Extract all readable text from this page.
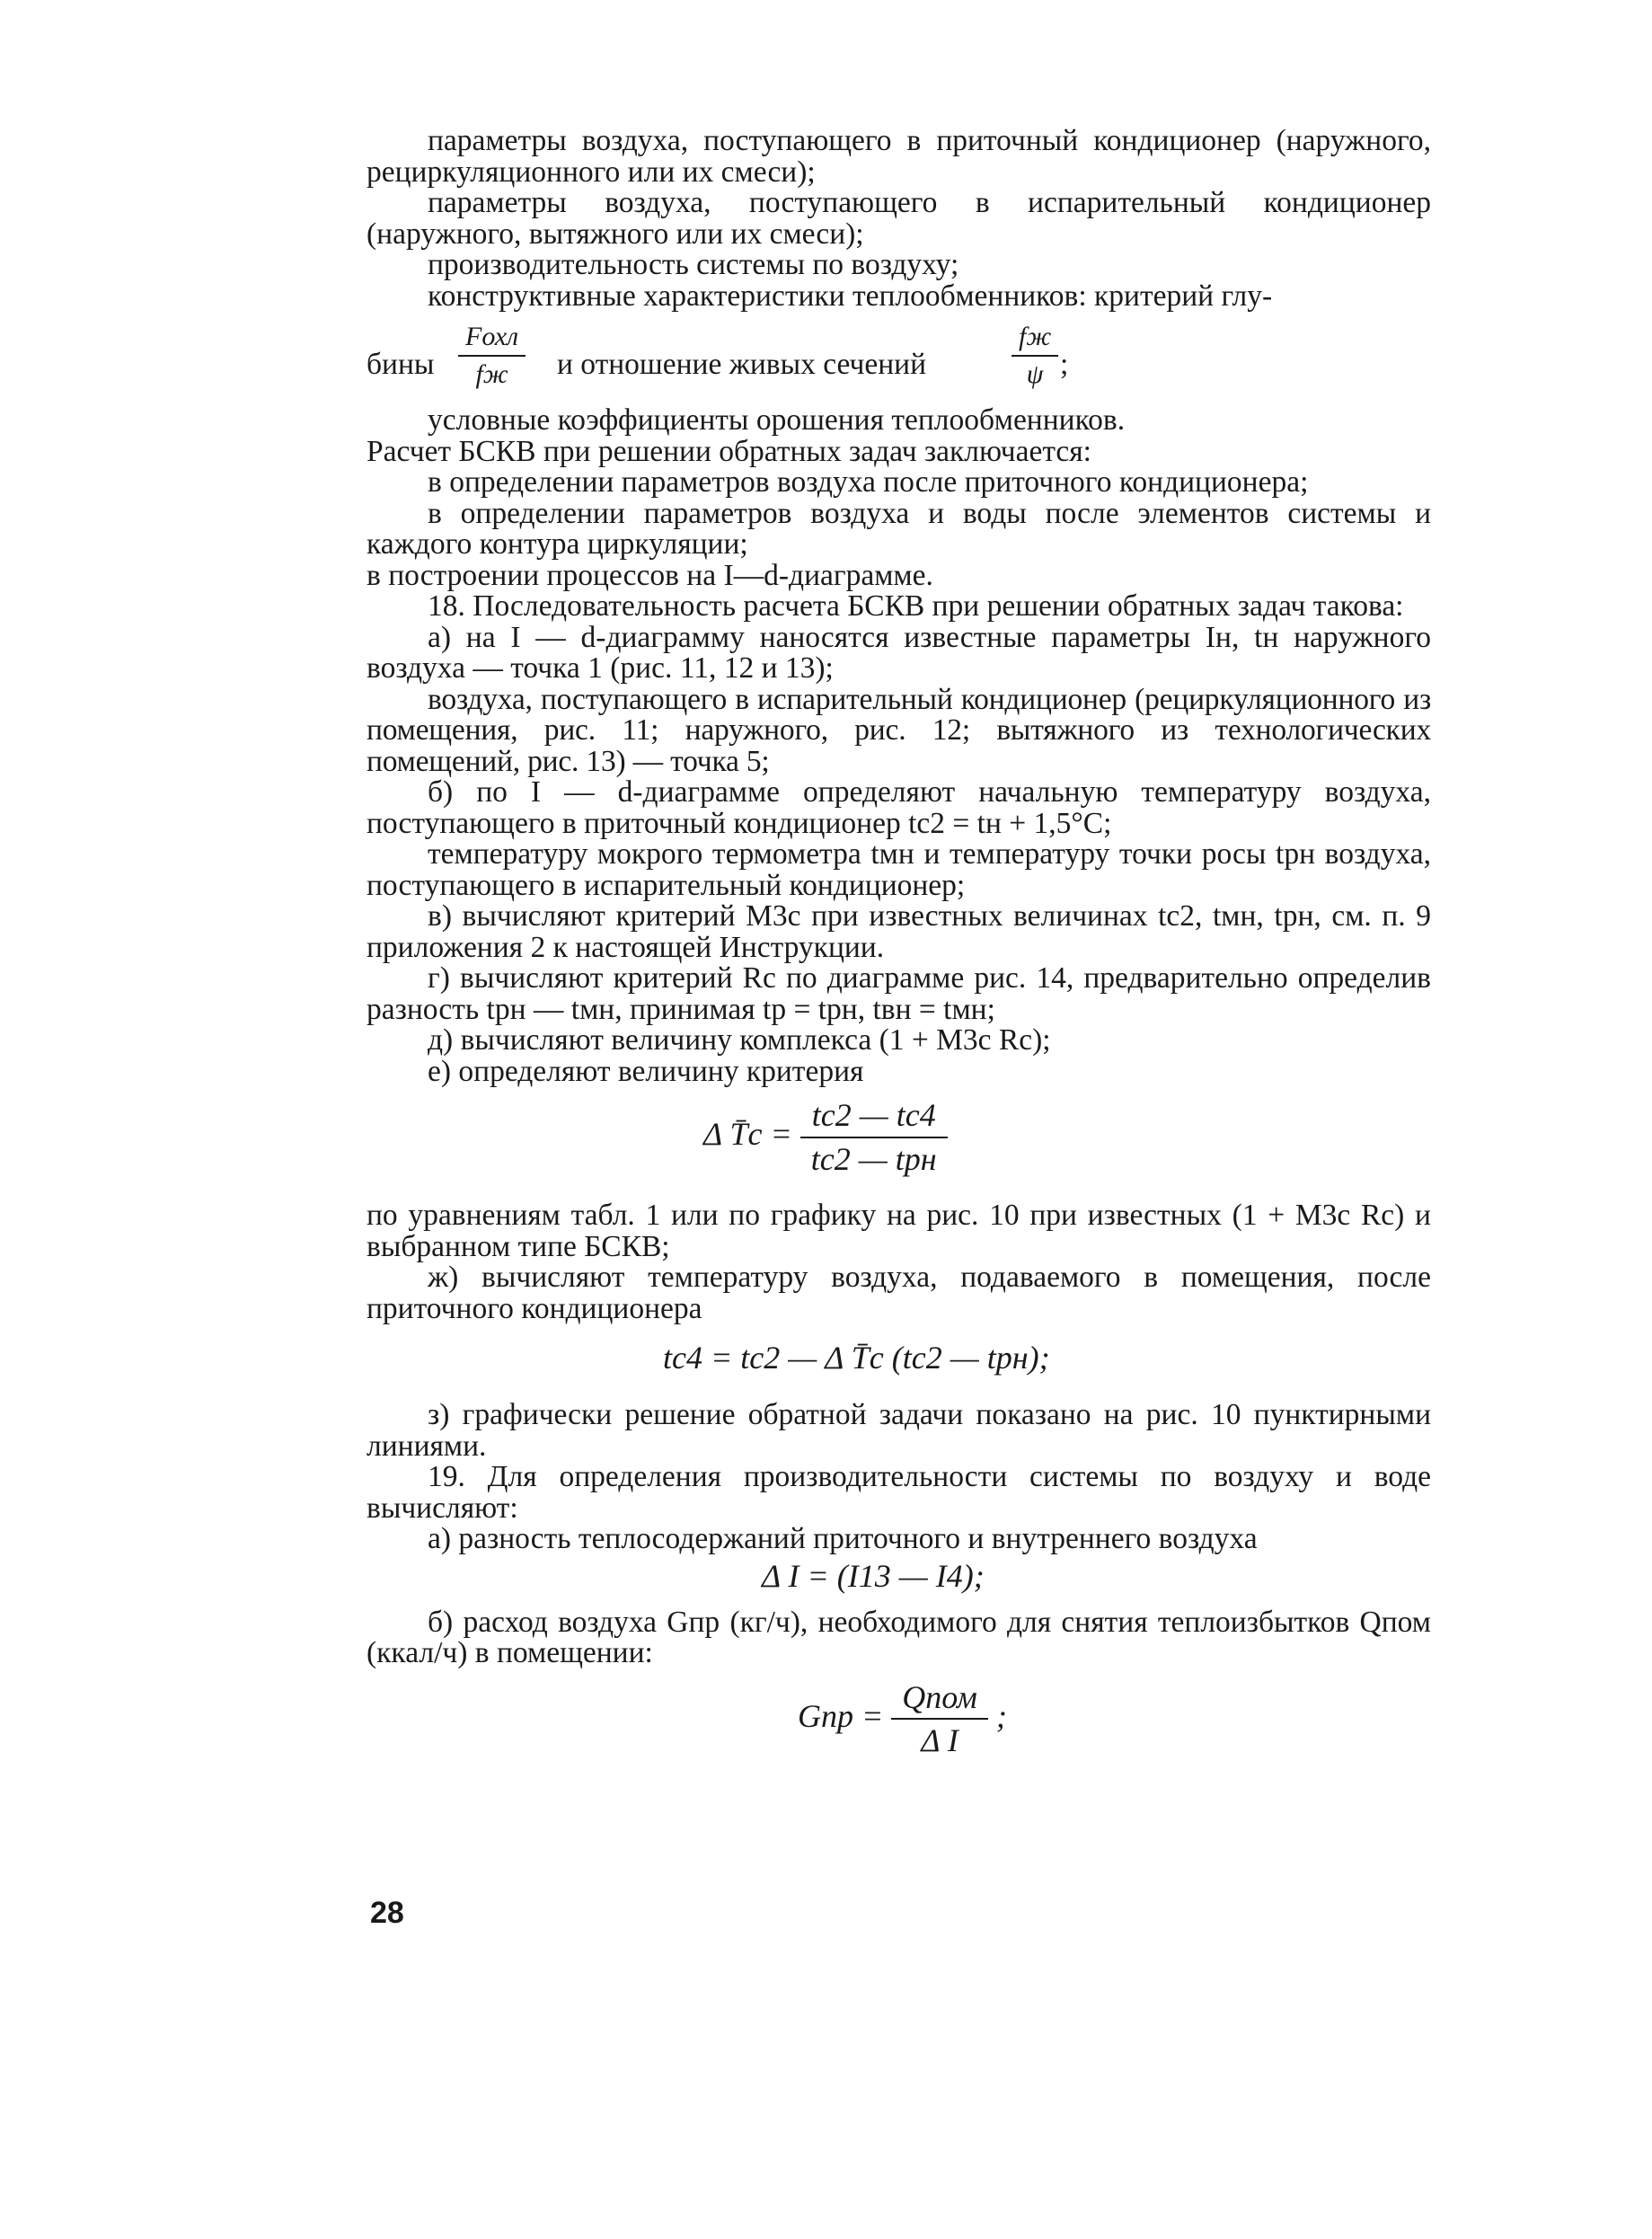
параметры воздуха, поступающего в приточный кондиционер (наружного, рециркуляционного или их смеси);

параметры воздуха, поступающего в испарительный кондиционер (наружного, вытяжного или их смеси);

производительность системы по воздуху;

конструктивные характеристики теплообменников: критерий глу-

бины
Fохл
fж	и отношение живых сечений
fж
ψ ;

условные коэффициенты орошения теплообменников.

Расчет БСКВ при решении обратных задач заключается:

в определении параметров воздуха после приточного кондиционера;

в определении параметров воздуха и воды после элементов системы и каждого контура циркуляции;

в построении процессов на I—d-диаграмме.

18. Последовательность расчета БСКВ при решении обратных задач такова:

а) на I — d-диаграмму наносятся известные параметры Iн, tн наружного воздуха — точка 1 (рис. 11, 12 и 13);

воздуха, поступающего в испарительный кондиционер (рециркуляционного из помещения, рис. 11; наружного, рис. 12; вытяжного из технологических помещений, рис. 13) — точка 5;

б) по I — d-диаграмме определяют начальную температуру воздуха, поступающего в приточный кондиционер tс2 = tн + 1,5°С;

температуру мокрого термометра tмн и температуру точки росы tрн воздуха, поступающего в испарительный кондиционер;

в) вычисляют критерий M3с при известных величинах tс2, tмн, tрн, см. п. 9 приложения 2 к настоящей Инструкции.

г) вычисляют критерий Rс по диаграмме рис. 14, предварительно определив разность tрн — tмн, принимая tр = tрн, tвн = tмн;

д) вычисляют величину комплекса (1 + M3с Rс);

е) определяют величину критерия

Δ T̄с = $\frac{tс2 — tс4}{\text{tс2 — tрн}}$

по уравнениям табл. 1 или по графику на рис. 10 при известных (1 + M3с Rс) и выбранном типе БСКВ;

ж) вычисляют температуру воздуха, подаваемого в помещения, после приточного кондиционера

tс4 = tс2 — Δ T̄с (tс2 — tрн);

з) графически решение обратной задачи показано на рис. 10 пунктирными линиями.

19. Для определения производительности системы по воздуху и воде вычисляют:

а) разность теплосодержаний приточного и внутреннего воздуха

Δ I = (I13 — I4);

б) расход воздуха Gпр (кг/ч), необходимого для снятия теплоизбытков Qпом (ккал/ч) в помещении:

Gпр = $\frac{\text{Qпом}}{\text{Δ I}}$ ;
28
